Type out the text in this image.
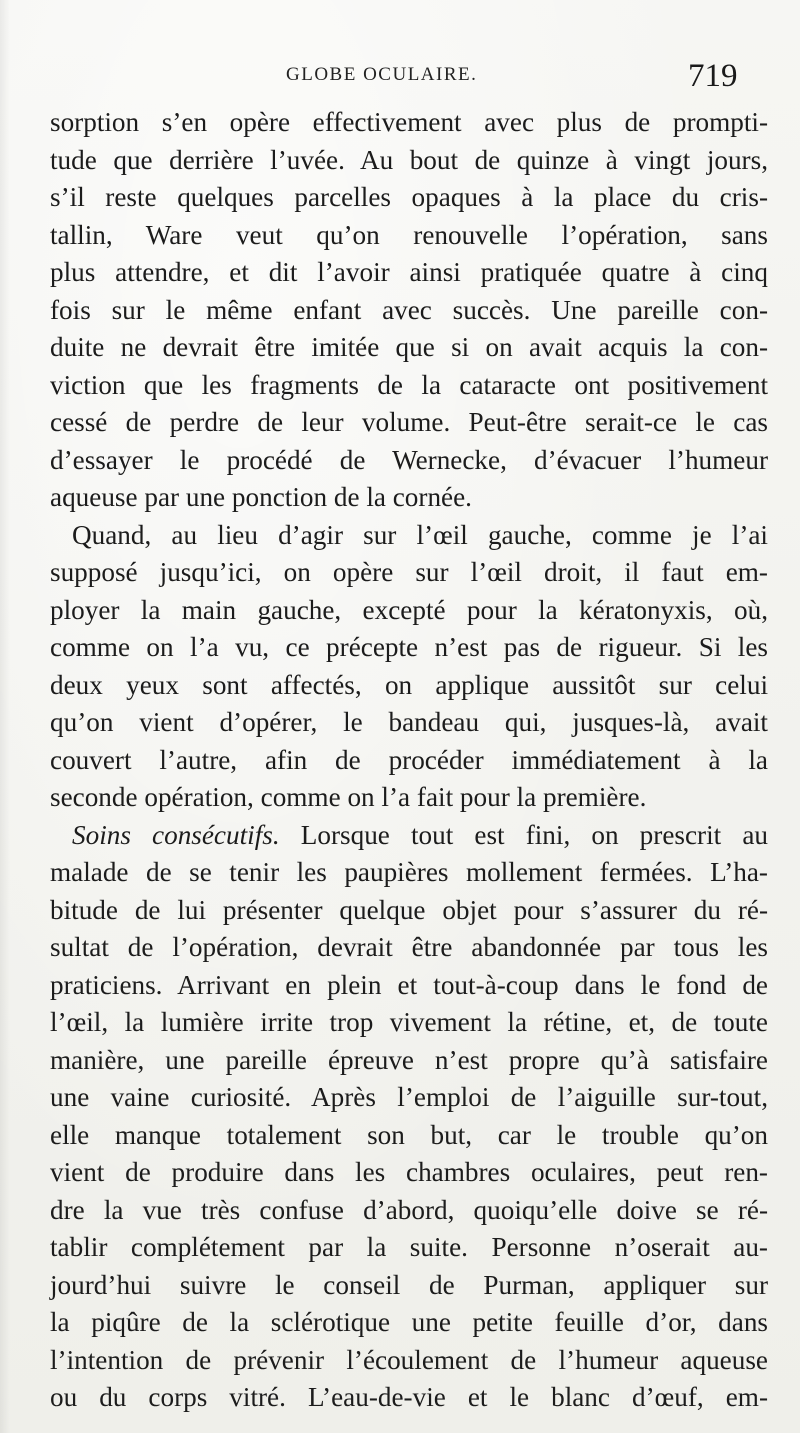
GLOBE OCULAIRE.	719
sorption s’en opère effectivement avec plus de prompti-
tude que derrière l’uvée. Au bout de quinze à vingt jours,
s’il reste quelques parcelles opaques à la place du cris-
tallin, Ware veut qu’on renouvelle l’opération, sans
plus attendre, et dit l’avoir ainsi pratiquée quatre à cinq
fois sur le même enfant avec succès. Une pareille con-
duite ne devrait être imitée que si on avait acquis la con-
viction que les fragments de la cataracte ont positivement
cessé de perdre de leur volume. Peut-être serait-ce le cas
d’essayer le procédé de Wernecke, d’évacuer l’humeur
aqueuse par une ponction de la cornée.
Quand, au lieu d’agir sur l’œil gauche, comme je l’ai
supposé jusqu’ici, on opère sur l’œil droit, il faut em-
ployer la main gauche, excepté pour la kératonyxis, où,
comme on l’a vu, ce précepte n’est pas de rigueur. Si les
deux yeux sont affectés, on applique aussitôt sur celui
qu’on vient d’opérer, le bandeau qui, jusques-là, avait
couvert l’autre, afin de procéder immédiatement à la
seconde opération, comme on l’a fait pour la première.
Soins consécutifs. Lorsque tout est fini, on prescrit au
malade de se tenir les paupières mollement fermées. L’ha-
bitude de lui présenter quelque objet pour s’assurer du ré-
sultat de l’opération, devrait être abandonnée par tous les
praticiens. Arrivant en plein et tout-à-coup dans le fond de
l’œil, la lumière irrite trop vivement la rétine, et, de toute
manière, une pareille épreuve n’est propre qu’à satisfaire
une vaine curiosité. Après l’emploi de l’aiguille sur-tout,
elle manque totalement son but, car le trouble qu’on
vient de produire dans les chambres oculaires, peut ren-
dre la vue très confuse d’abord, quoiqu’elle doive se ré-
tablir complétement par la suite. Personne n’oserait au-
jourd’hui suivre le conseil de Purman, appliquer sur
la piqûre de la sclérotique une petite feuille d’or, dans
l’intention de prévenir l’écoulement de l’humeur aqueuse
ou du corps vitré. L’eau-de-vie et le blanc d’œuf, em-
